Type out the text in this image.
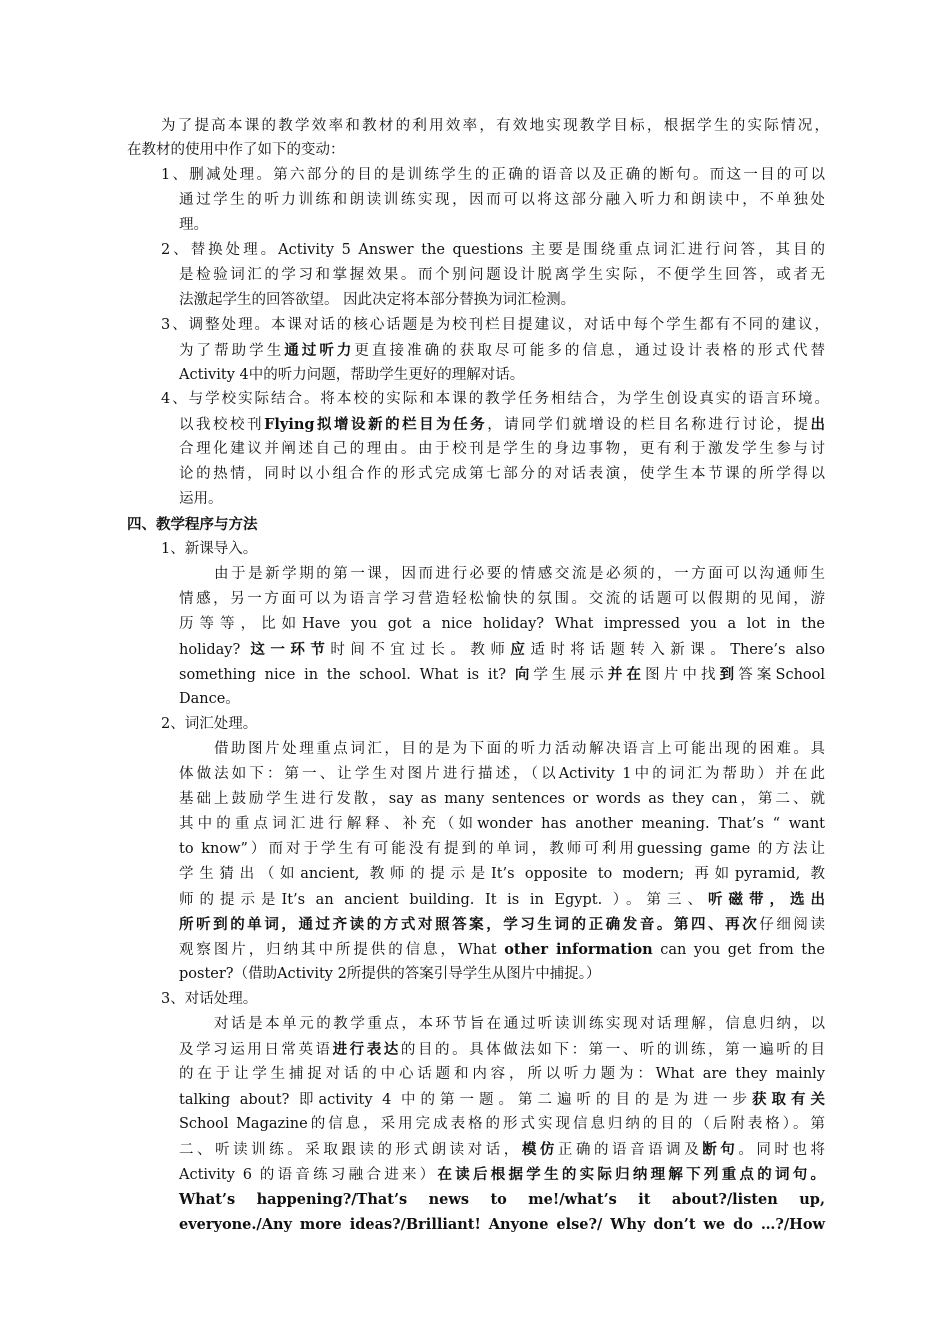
为了提高本课的教学效率和教材的利用效率，有效地实现教学目标，根据学生的实际情况，
在教材的使用中作了如下的变动：
1、删减处理。第六部分的目的是训练学生的正确的语音以及正确的断句。而这一目的可以
通过学生的听力训练和朗读训练实现，因而可以将这部分融入听力和朗读中，不单独处
理。
2、替换处理。Activity 5 Answer the questions 主要是围绕重点词汇进行问答，其目的
是检验词汇的学习和掌握效果。而个别问题设计脱离学生实际，不便学生回答，或者无
法激起学生的回答欲望。 因此决定将本部分替换为词汇检测。
3、调整处理。本课对话的核心话题是为校刊栏目提建议，对话中每个学生都有不同的建议，
为了帮助学生通过听力更直接准确的获取尽可能多的信息，通过设计表格的形式代替
Activity 4中的听力问题，帮助学生更好的理解对话。
4、与学校实际结合。将本校的实际和本课的教学任务相结合，为学生创设真实的语言环境。
以我校校刊Flying拟增设新的栏目为任务，请同学们就增设的栏目名称进行讨论，提出
合理化建议并阐述自己的理由。由于校刊是学生的身边事物，更有利于激发学生参与讨
论的热情，同时以小组合作的形式完成第七部分的对话表演，使学生本节课的所学得以
运用。
四、教学程序与方法
1、新课导入。
由于是新学期的第一课，因而进行必要的情感交流是必须的，一方面可以沟通师生
情感，另一方面可以为语言学习营造轻松愉快的氛围。交流的话题可以假期的见闻，游
历等等，比如Have you got a nice holiday? What impressed you a lot in the
holiday? 这一环节时间不宜过长。教师应适时将话题转入新课。There’s also
something nice in the school. What is it? 向学生展示并在图片中找到答案School
Dance。
2、词汇处理。
借助图片处理重点词汇，目的是为下面的听力活动解决语言上可能出现的困难。具
体做法如下：第一、让学生对图片进行描述，（以Activity 1中的词汇为帮助）并在此
基础上鼓励学生进行发散，say as many sentences or words as they can，第二、就
其中的重点词汇进行解释、补充（如wonder has another meaning. That’s “ want
to know”）而对于学生有可能没有提到的单词，教师可利用guessing game 的方法让
学生猜出（如ancient, 教师的提示是It’s opposite to modern; 再如pyramid, 教
师的提示是It’s an ancient building. It is in Egypt. ）。第三、听磁带，选出
所听到的单词，通过齐读的方式对照答案，学习生词的正确发音。第四、再次仔细阅读
观察图片，归纳其中所提供的信息，What other information can you get from the
poster?（借助Activity 2所提供的答案引导学生从图片中捕捉。）
3、对话处理。
对话是本单元的教学重点，本环节旨在通过听读训练实现对话理解，信息归纳，以
及学习运用日常英语进行表达的目的。具体做法如下：第一、听的训练，第一遍听的目
的在于让学生捕捉对话的中心话题和内容，所以听力题为：What are they mainly
talking about? 即activity 4 中的第一题。第二遍听的目的是为进一步获取有关
School Magazine的信息，采用完成表格的形式实现信息归纳的目的（后附表格）。第
二、听读训练。采取跟读的形式朗读对话，模仿正确的语音语调及断句。同时也将
Activity 6 的语音练习融合进来）在读后根据学生的实际归纳理解下列重点的词句。
What’s happening?/That’s news to me!/what’s it about?/listen up,
everyone./Any more ideas?/Brilliant! Anyone else?/ Why don’t we do …?/How
